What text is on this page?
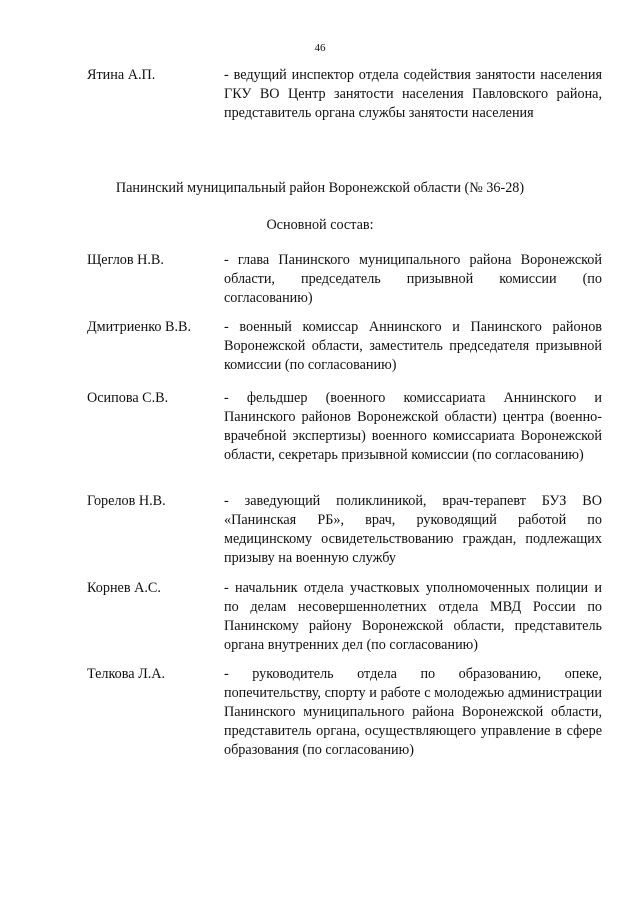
46
Ятина А.П.	- ведущий инспектор отдела содействия занятости населения ГКУ ВО Центр занятости населения Павловского района, представитель органа службы занятости населения
Панинский муниципальный район Воронежской области (№ 36-28)
Основной состав:
Щеглов Н.В.	- глава Панинского муниципального района Воронежской области, председатель призывной комиссии (по согласованию)
Дмитриенко В.В. - военный комиссар Аннинского и Панинского районов Воронежской области, заместитель председателя призывной комиссии (по согласованию)
Осипова С.В.	- фельдшер (военного комиссариата Аннинского и Панинского районов Воронежской области) центра (военно-врачебной экспертизы) военного комиссариата Воронежской области, секретарь призывной комиссии (по согласованию)
Горелов Н.В.	- заведующий поликлиникой, врач-терапевт БУЗ ВО «Панинская РБ», врач, руководящий работой по медицинскому освидетельствованию граждан, подлежащих призыву на военную службу
Корнев А.С.	- начальник отдела участковых уполномоченных полиции и по делам несовершеннолетних отдела МВД России по Панинскому району Воронежской области, представитель органа внутренних дел (по согласованию)
Телкова Л.А.	- руководитель отдела по образованию, опеке, попечительству, спорту и работе с молодежью администрации Панинского муниципального района Воронежской области, представитель органа, осуществляющего управление в сфере образования (по согласованию)
